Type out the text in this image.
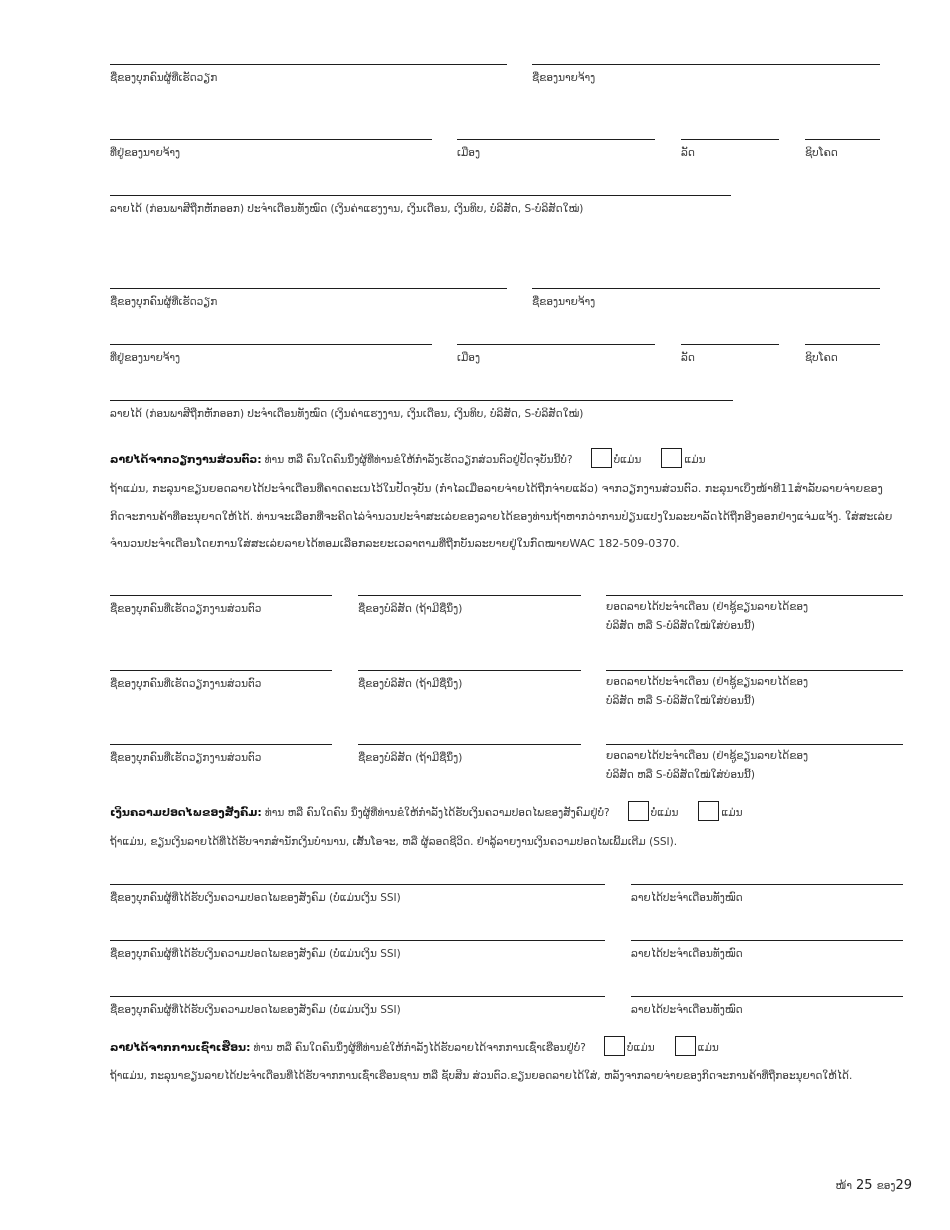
ຊື່ຂອງບຸກຄົນຜູ້ທີ່ເຮັດວຽກ	ຊື່ຂອງນາຍຈ້າງ
ທີ່ຢູ່ຂອງນາຍຈ້າງ	ເມືອງ	ລັດ	ຊິບໂຄດ
ລາຍໄດ້ (ກ່ອນພາສີຖືກຫັກອອກ) ປະຈຳເດືອນທັງໝົດ (ເງິນຄ່າແຮງງານ, ເງິນເດືອນ, ເງິນທິບ, ບໍລິສັດ, S-ບໍລິສັດໃໝ່)
ຊື່ຂອງບຸກຄົນຜູ້ທີ່ເຮັດວຽກ	ຊື່ຂອງນາຍຈ້າງ
ທີ່ຢູ່ຂອງນາຍຈ້າງ	ເມືອງ	ລັດ	ຊິບໂຄດ
ລາຍໄດ້ (ກ່ອນພາສີຖືກຫັກອອກ) ປະຈຳເດືອນທັງໝົດ (ເງິນຄ່າແຮງງານ, ເງິນເດືອນ, ເງິນທິບ, ບໍລິສັດ, S-ບໍລິສັດໃໝ່)
ລາຍໄດ້ຈາກວຽກງານສ່ວນຕົວ: ທ່ານ ຫລື ຄົນໃດຄົນນຶ່ງຜູ້ທີ່ທ່ານຂໍໃຫ້ກຳລັງເຮັດວຽກສ່ວນຕົວຢູ່ປັດຈຸບັນນີ້ບໍ່?	ບໍ່ແມ່ນ	ແມ່ນ
ຖ້າແມ່ນ, ກະລຸນາຂຽນຍອດລາຍໄດ້ປະຈຳເດືອນທີ່ຄາດຄະເນໄວ້ໃນປັດຈຸບັນ (ກຳໄລເມື່ອລາຍຈ່າຍໄດ້ຖືກຈ່າຍແລ້ວ) ຈາກວຽກງານສ່ວນຕົວ. ກະລຸນາເບິ່ງໜ້າທີ11ສຳລັບລາຍຈ່າຍຂອງກິດຈະການຄ້າທີ່ອະນຸຍາດໃຫ້ໄດ້. ທ່ານຈະເລືອກທີ່ຈະຄິດໄລ່ຈຳນວນປະຈຳສະເລ່ຍຂອງລາຍໄດ້ຂອງທ່ານຖ້າຫາກວ່າການປ່ຽນແປງໃນລະບາລັດໄດ້ຖືກອີງອອກຢ່າງແຈ່ມແຈ້ງ. ໃສ່ສະເລ່ຍຈຳນວນປະຈຳເດືອນໂດຍການໃສ່ສະເລ່ຍລາຍໄດ້ທອມເລືອກລະຍະເວລາຕາມທີ່ຖືກບັນລະບາຍຢູ່ໃນກົດໝາຍWAC 182-509-0370.
ຊື່ຂອງບຸກຄົນທີ່ເຮັດວຽກງານສ່ວນຕົວ	ຊື່ຂອງບໍລິສັດ (ຖ້າມີຊື່ນຶ່ງ)	ຍອດລາຍໄດ້ປະຈຳເດືອນ (ຢ່າຊູ້ຂຽນລາຍໄດ້ຂອງ
ບໍລິສັດ ຫລື S-ບໍລິສັດໃໝ່ໃສ່ບ່ອນນີ້)
ຊື່ຂອງບຸກຄົນທີ່ເຮັດວຽກງານສ່ວນຕົວ	ຊື່ຂອງບໍລິສັດ (ຖ້າມີຊື່ນຶ່ງ)	ຍອດລາຍໄດ້ປະຈຳເດືອນ (ຢ່າຊູ້ຂຽນລາຍໄດ້ຂອງ
ບໍລິສັດ ຫລື S-ບໍລິສັດໃໝ່ໃສ່ບ່ອນນີ້)
ຊື່ຂອງບຸກຄົນທີ່ເຮັດວຽກງານສ່ວນຕົວ	ຊື່ຂອງບໍລິສັດ (ຖ້າມີຊື່ນຶ່ງ)	ຍອດລາຍໄດ້ປະຈຳເດືອນ (ຢ່າຊູ້ຂຽນລາຍໄດ້ຂອງ
ບໍລິສັດ ຫລື S-ບໍລິສັດໃໝ່ໃສ່ບ່ອນນີ້)
ເງິນຄວາມປອດໄພຂອງສັງຄົມ: ທ່ານ ຫລື ຄົນໃດຄົນ ນຶ່ງຜູ້ທີ່ທ່ານຂໍໃຫ້ກຳລັງໄດ້ຮັບເງິນຄວາມປອດໄພຂອງສັງຄົມຢູ່ບໍ່?	ບໍ່ແມ່ນ	ແມ່ນ
ຖ້າແມ່ນ, ຂຽນເງິນລາຍໄດ້ທີ່ໄດ້ຮັບຈາກສຳນັກເງິນບຳນານ, ເສັ້ນໂອຈະ, ຫລື ຜູ້ລອດຊີວິດ. ຢ່າລູ້ລາຍງານເງິນຄວາມປອດໄພເພີ້ມເຕີມ (SSI).
ຊື່ຂອງບຸກຄົນຜູ້ທີ່ໄດ້ຮັບເງິນຄວາມປອດໄພຂອງສັງຄົມ (ບໍ່ແມ່ນເງິນ SSI)	ລາຍໄດ້ປະຈຳເດືອນທັງໝົດ
ຊື່ຂອງບຸກຄົນຜູ້ທີ່ໄດ້ຮັບເງິນຄວາມປອດໄພຂອງສັງຄົມ (ບໍ່ແມ່ນເງິນ SSI)	ລາຍໄດ້ປະຈຳເດືອນທັງໝົດ
ຊື່ຂອງບຸກຄົນຜູ້ທີ່ໄດ້ຮັບເງິນຄວາມປອດໄພຂອງສັງຄົມ (ບໍ່ແມ່ນເງິນ SSI)	ລາຍໄດ້ປະຈຳເດືອນທັງໝົດ
ລາຍໄດ້ຈາກການເຊົ່າເຮືອນ: ທ່ານ ຫລື ຄົນໃດຄົນນຶ່ງຜູ້ທີ່ທ່ານຂໍໃຫ້ກຳລັງໄດ້ຮັບລາຍໄດ້ຈາກການເຊົ່າເຮືອນຢູ່ບໍ່?	ບໍ່ແມ່ນ	ແມ່ນ
ຖ້າແມ່ນ, ກະລຸນາຂຽນລາຍໄດ້ປະຈຳເດືອນທີ່ໄດ້ຮັບຈາກການເຊົ່າເຮືອນຊານ ຫລື ຊັບສິນ ສ່ວນຕົວ.ຂຽນຍອດລາຍໄດ້ໃສ່, ຫລັງຈາກລາຍຈ່າຍຂອງກິດຈະການຄ້າທີ່ຖືກອະນຸຍາດໃຫ້ໄດ້.
ໜ້າ 25 ຂອງ 29
